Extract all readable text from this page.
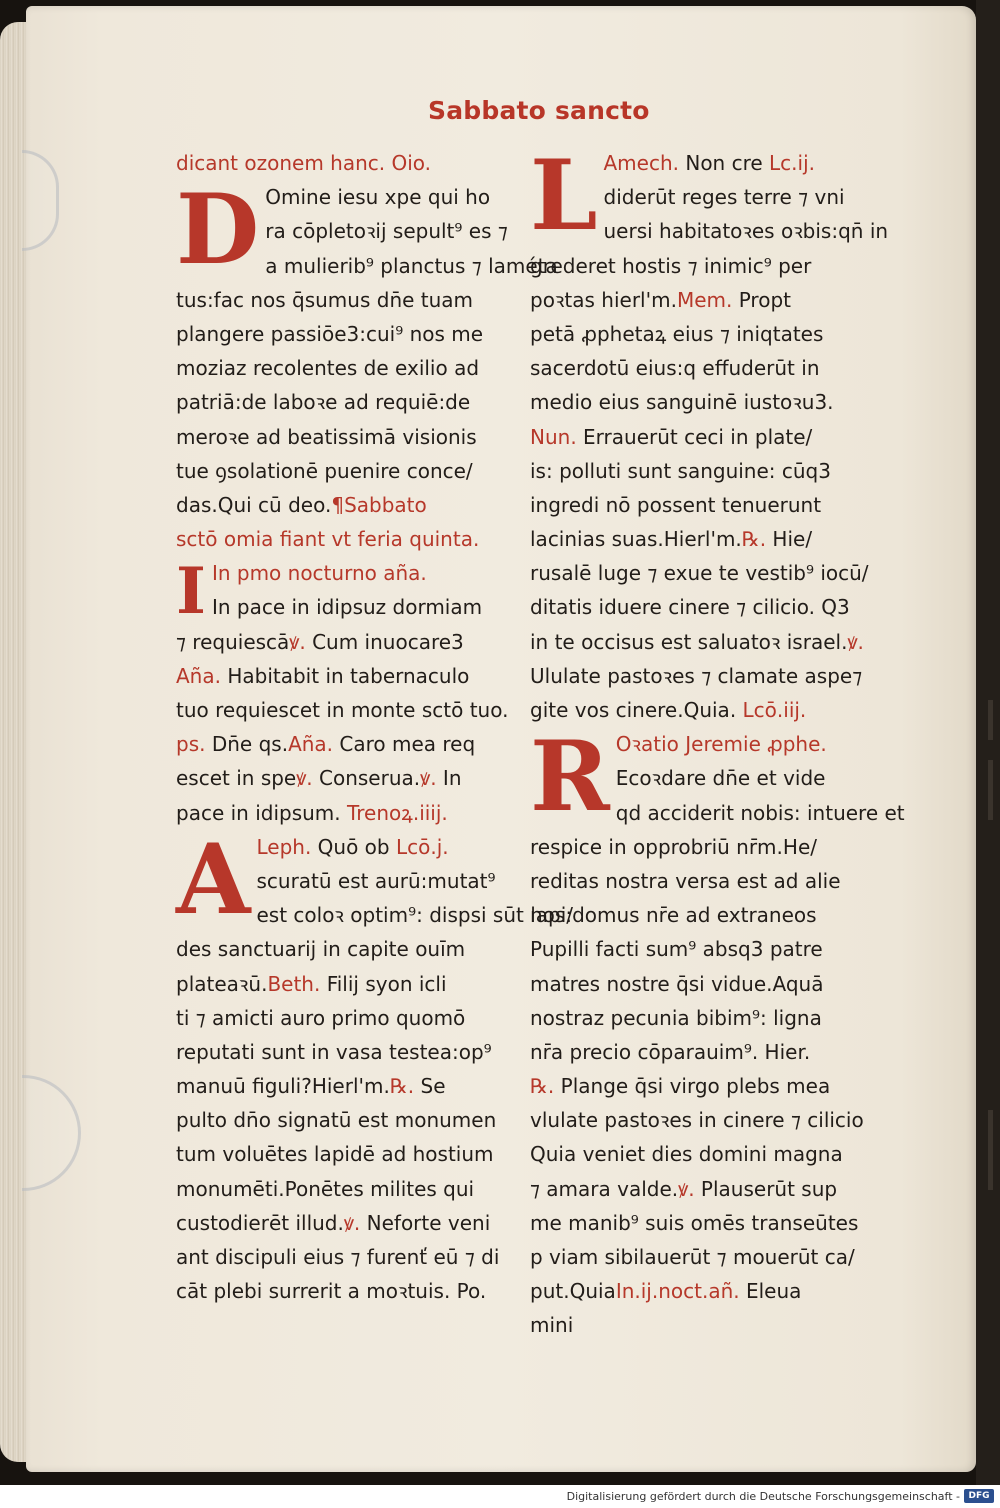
Sabbato sancto
dicant ozonem hanc. Oio.
D Omine iesu xpe qui ho
ra cōpletoꝛij sepult⁹ es ⁊
a mulierib⁹ planctus ⁊ laméta
tus:fac nos q̄sumus dn̄e tuam
plangere passiōe3:cui⁹ nos me
moziaz recolentes de exilio ad
patriā:de laboꝛe ad requiē:de
meroꝛe ad beatissimā visionis
tue ꝯsolationē puenire conce/
das.Qui cū deo.¶Sabbato
sctō omia fiant vt feria quinta.
I In pmo nocturno aña.
In pace in idipsuz dormiam
⁊ requiescāꝟ. Cum inuocare3
Aña. Habitabit in tabernaculo
tuo requiescet in monte sctō tuo.
ps. Dn̄e qs.Aña. Caro mea req
escet in speꝟ. Conserua.ꝟ. In
pace in idipsum. Trenoꝝ.iiij.
A Leph. Quō ob Lcō.j.
scuratū est aurū:mutat⁹
est coloꝛ optim⁹: dispsi sūt lapi/
des sanctuarij in capite ouīm
plateaꝛū.Beth. Filij syon icli
ti ⁊ amicti auro primo quomō
reputati sunt in vasa testea:op⁹
manuū figuli?Hierl'm.℞. Se
pulto dn̄o signatū est monumen
tum voluētes lapidē ad hostium
monumēti.Ponētes milites qui
custodierēt illud.ꝟ. Neforte veni
ant discipuli eius ⁊ furenť eū ⁊ di
cāt plebi surrerit a moꝛtuis. Po.
L Amech. Non cre Lc.ij.
diderūt reges terre ⁊ vni
uersi habitatoꝛes oꝛbis:qn̄ in
grederet hostis ⁊ inimic⁹ per
poꝛtas hierl'm.Mem. Propt
petā ꝓphetaꝝ eius ⁊ iniqtates
sacerdotū eius:q effuderūt in
medio eius sanguinē iustoꝛu3.
Nun. Errauerūt ceci in plate/
is: polluti sunt sanguine: cūq3
ingredi nō possent tenuerunt
lacinias suas.Hierl'm.℞. Hie/
rusalē luge ⁊ exue te vestib⁹ iocū/
ditatis iduere cinere ⁊ cilicio. Q3
in te occisus est saluatoꝛ israel.ꝟ.
Ululate pastoꝛes ⁊ clamate aspe⁊
gite vos cinere.Quia. Lcō.iij.
R Oꝛatio Jeremie ꝓphe.
Ecoꝛdare dn̄e et vide
qd acciderit nobis: intuere et
respice in opprobriū nr̄m.He/
reditas nostra versa est ad alie
nos:domus nr̄e ad extraneos
Pupilli facti sum⁹ absq3 patre
matres nostre q̄si vidue.Aquā
nostraz pecunia bibim⁹: ligna
nr̄a precio cōparauim⁹. Hier.
℞. Plange q̄si virgo plebs mea
vlulate pastoꝛes in cinere ⁊ cilicio
Quia veniet dies domini magna
⁊ amara valde.ꝟ. Plauserūt sup
me manib⁹ suis omēs transeūtes
p viam sibilauerūt ⁊ mouerūt ca/
put.QuiaIn.ij.noct.añ. Eleua
mini
Digitalisierung gefördert durch die Deutsche Forschungsgemeinschaft - DFG
